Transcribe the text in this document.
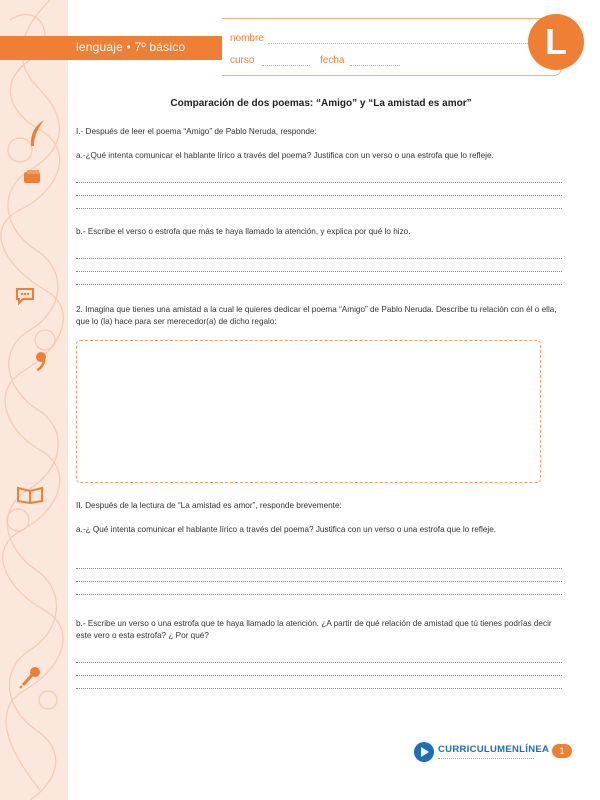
lenguaje • 7º básico
nombre
curso	fecha	L
Comparación de dos poemas: “Amigo” y “La amistad es amor”
I.- Después de leer el poema “Amigo” de Pablo Neruda, responde:
a.-¿Qué intenta comunicar el hablante lírico a través del poema? Justifica con un verso o una estrofa que lo refleje.
b.- Escribe el verso o estrofa que más te haya llamado la atención, y explica por qué lo hizo.
2. Imagina que tienes una amistad a la cual le quieres dedicar el poema “Amigo” de Pablo Neruda. Describe tu relación con él o ella, que lo (la) hace para ser merecedor(a) de dicho regalo:
II. Después de la lectura de “La amistad es amor”, responde brevemente:
a.-¿ Qué intenta comunicar el hablante lírico a través del poema? Justifica con un verso o una estrofa que lo refleje.
b.- Escribe un verso o una estrofa que te haya llamado la atención. ¿A partir de qué relación de amistad que tú tienes podrías decir este vero o esta estrofa? ¿ Por qué?
CURRICULUMENLÍNEA	1
